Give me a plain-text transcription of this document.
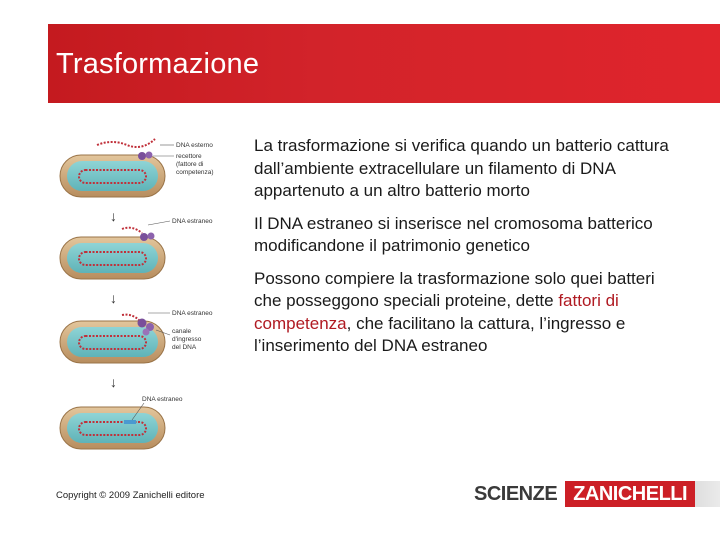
Trasformazione
DNA esterno
recettore
(fattore di
competenza)
↓	DNA estraneo
↓
DNA estraneo
canale
d'ingresso
del DNA
↓
DNA estraneo
La trasformazione si verifica quando un batterio cattura dall’ambiente extracellulare un filamento di DNA appartenuto a un altro batterio morto
Il DNA estraneo si inserisce nel cromosoma batterico modificandone il patrimonio genetico
Possono compiere la trasformazione solo quei batteri che posseggono speciali proteine, dette fattori di competenza, che facilitano la cattura, l’ingresso e l’inserimento del DNA estraneo
Copyright © 2009 Zanichelli editore	SCIENZE ZANICHELLI
